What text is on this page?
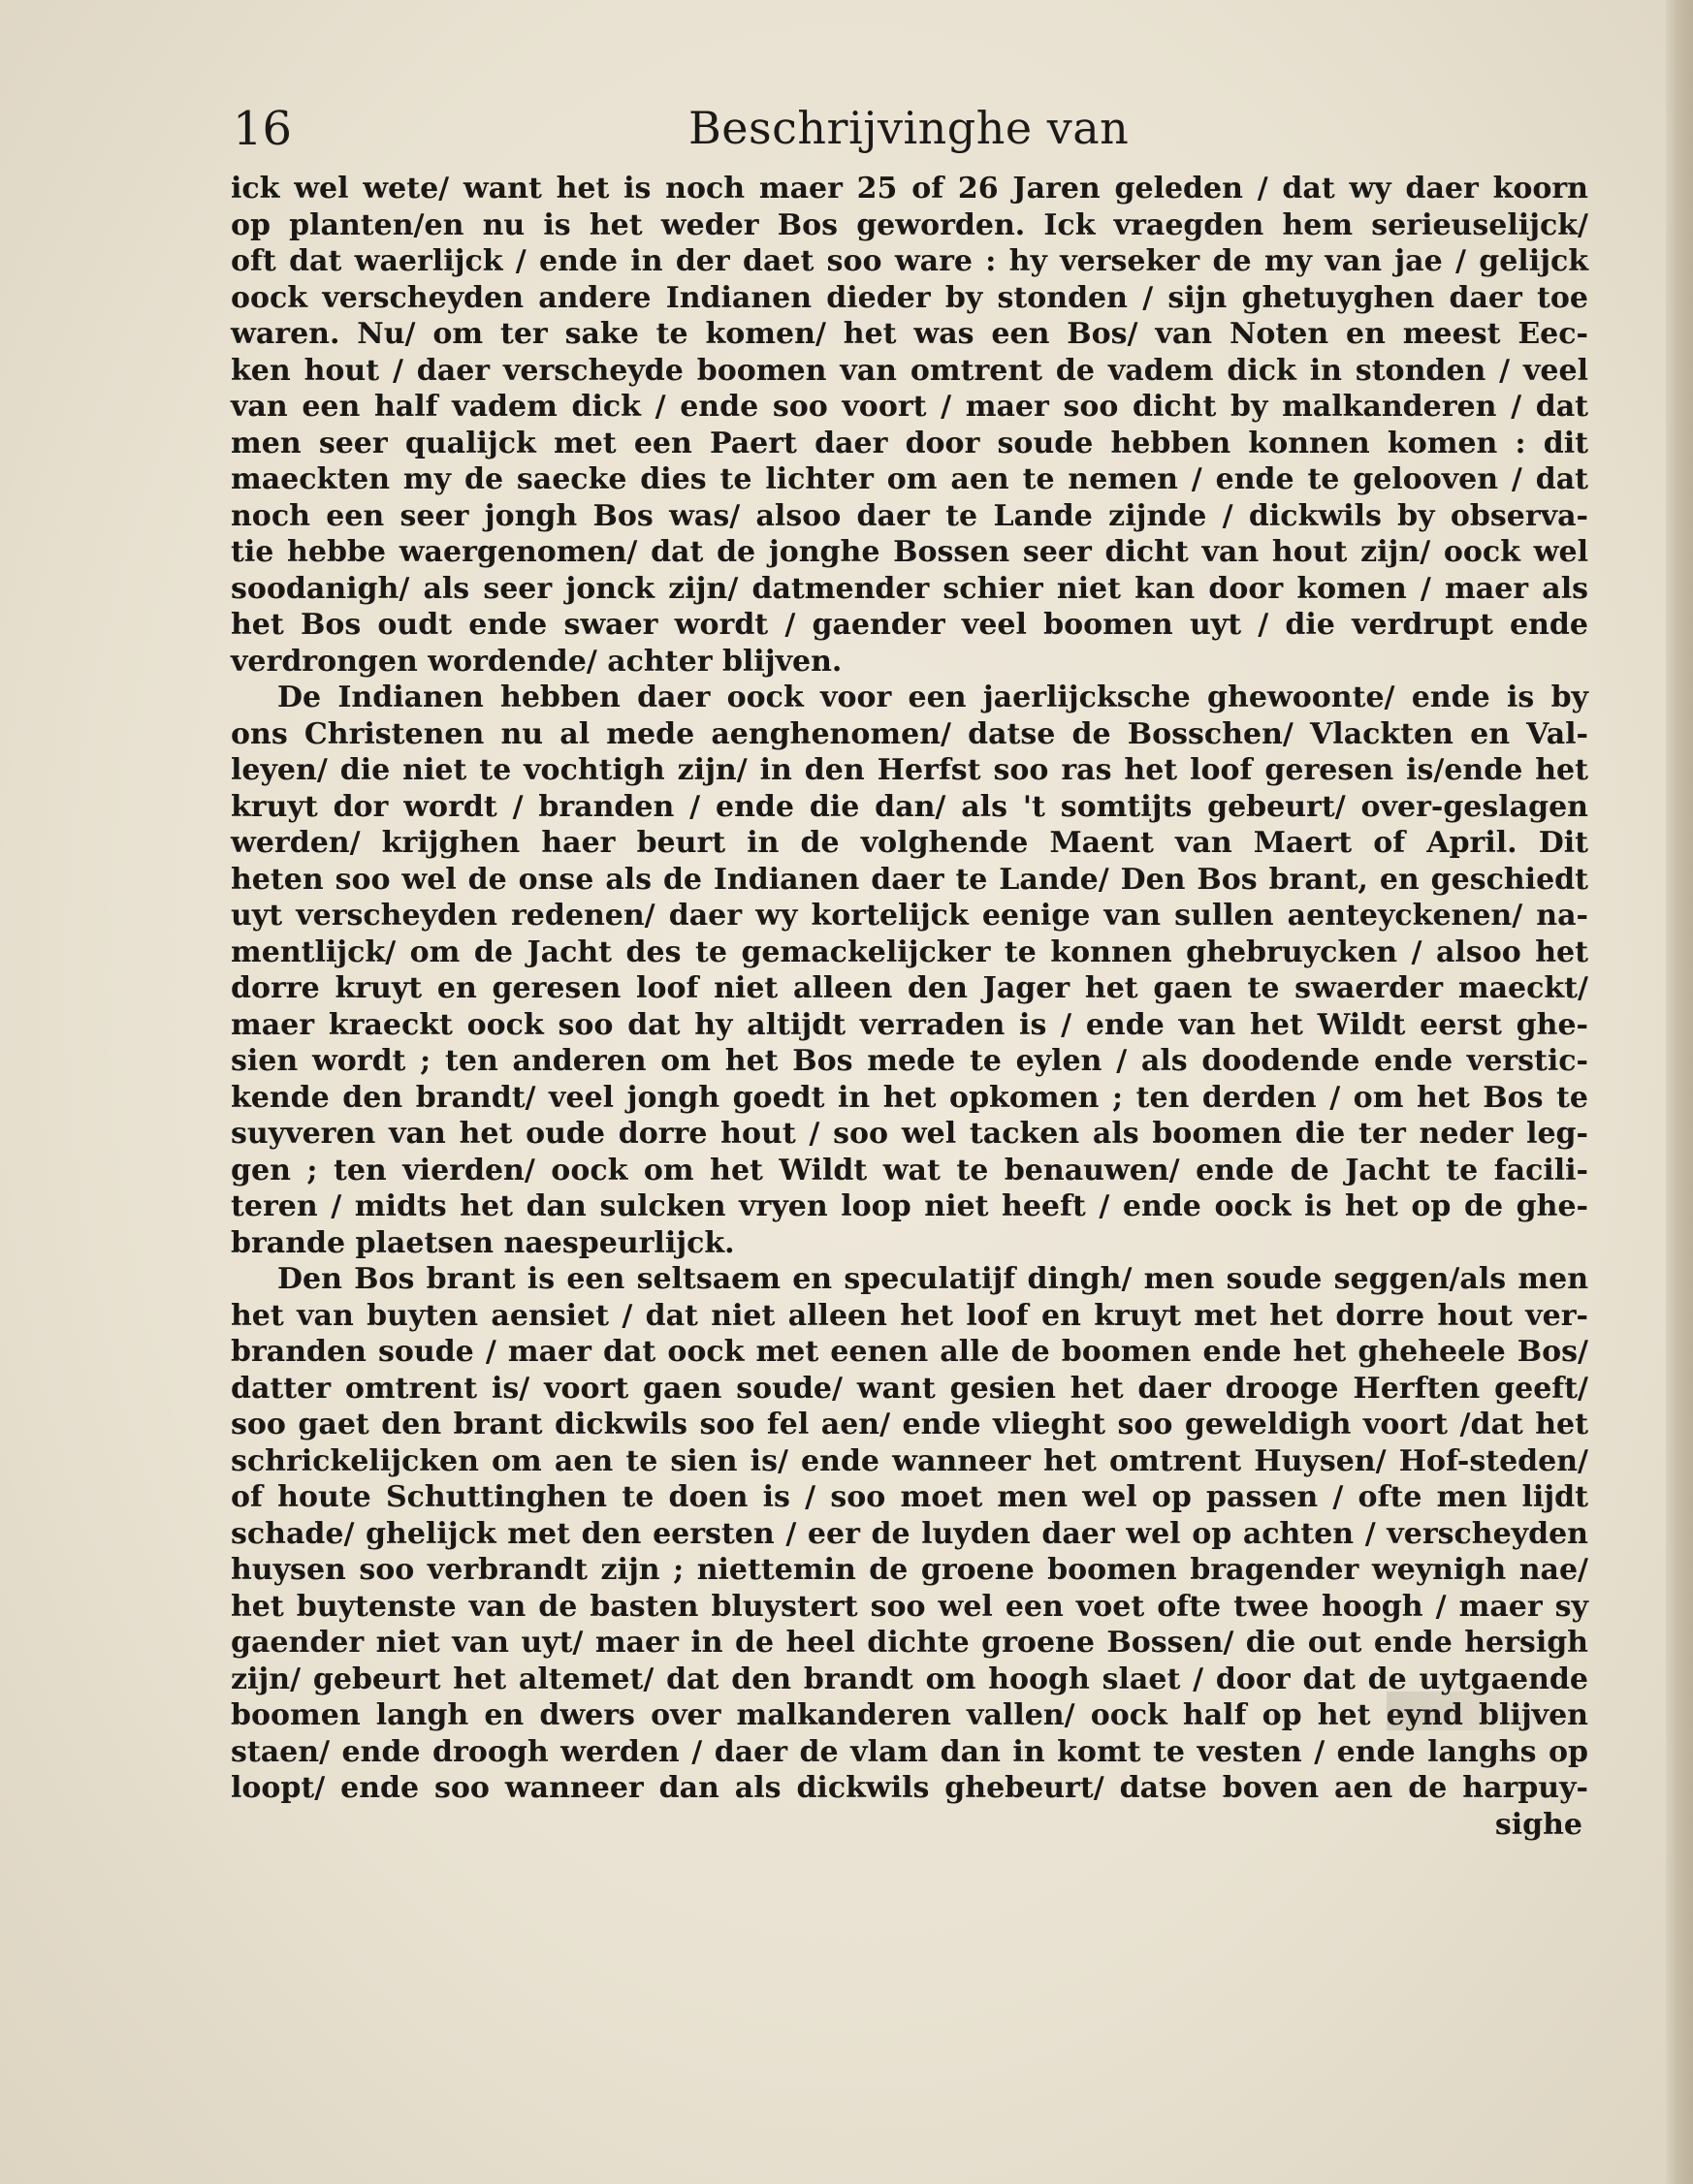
16	Beschrijvinghe van
ick wel wete/ want het is noch maer 25 of 26 Jaren geleden / dat wy daer koorn
op planten/en nu is het weder Bos geworden. Ick vraegden hem serieuselijck/
oft dat waerlijck / ende in der daet soo ware : hy verseker de my van jae / gelijck
oock verscheyden andere Indianen dieder by stonden / sijn ghetuyghen daer toe
waren. Nu/ om ter sake te komen/ het was een Bos/ van Noten en meest Eec-
ken hout / daer verscheyde boomen van omtrent de vadem dick in stonden / veel
van een half vadem dick / ende soo voort / maer soo dicht by malkanderen / dat
men seer qualijck met een Paert daer door soude hebben konnen komen : dit
maeckten my de saecke dies te lichter om aen te nemen / ende te gelooven / dat
noch een seer jongh Bos was/ alsoo daer te Lande zijnde / dickwils by observa-
tie hebbe waergenomen/ dat de jonghe Bossen seer dicht van hout zijn/ oock wel
soodanigh/ als seer jonck zijn/ datmender schier niet kan door komen / maer als
het Bos oudt ende swaer wordt / gaender veel boomen uyt / die verdrupt ende
verdrongen wordende/ achter blijven.
De Indianen hebben daer oock voor een jaerlijcksche ghewoonte/ ende is by
ons Christenen nu al mede aenghenomen/ datse de Bosschen/ Vlackten en Val-
leyen/ die niet te vochtigh zijn/ in den Herfst soo ras het loof geresen is/ende het
kruyt dor wordt / branden / ende die dan/ als 't somtijts gebeurt/ over-geslagen
werden/ krijghen haer beurt in de volghende Maent van Maert of April. Dit
heten soo wel de onse als de Indianen daer te Lande/ Den Bos brant, en geschiedt
uyt verscheyden redenen/ daer wy kortelijck eenige van sullen aenteyckenen/ na-
mentlijck/ om de Jacht des te gemackelijcker te konnen ghebruycken / alsoo het
dorre kruyt en geresen loof niet alleen den Jager het gaen te swaerder maeckt/
maer kraeckt oock soo dat hy altijdt verraden is / ende van het Wildt eerst ghe-
sien wordt ; ten anderen om het Bos mede te eylen / als doodende ende verstic-
kende den brandt/ veel jongh goedt in het opkomen ; ten derden / om het Bos te
suyveren van het oude dorre hout / soo wel tacken als boomen die ter neder leg-
gen ; ten vierden/ oock om het Wildt wat te benauwen/ ende de Jacht te facili-
teren / midts het dan sulcken vryen loop niet heeft / ende oock is het op de ghe-
brande plaetsen naespeurlijck.
Den Bos brant is een seltsaem en speculatijf dingh/ men soude seggen/als men
het van buyten aensiet / dat niet alleen het loof en kruyt met het dorre hout ver-
branden soude / maer dat oock met eenen alle de boomen ende het gheheele Bos/
datter omtrent is/ voort gaen soude/ want gesien het daer drooge Herften geeft/
soo gaet den brant dickwils soo fel aen/ ende vlieght soo geweldigh voort /dat het
schrickelijcken om aen te sien is/ ende wanneer het omtrent Huysen/ Hof-steden/
of houte Schuttinghen te doen is / soo moet men wel op passen / ofte men lijdt
schade/ ghelijck met den eersten / eer de luyden daer wel op achten / verscheyden
huysen soo verbrandt zijn ; niettemin de groene boomen bragender weynigh nae/
het buytenste van de basten bluystert soo wel een voet ofte twee hoogh / maer sy
gaender niet van uyt/ maer in de heel dichte groene Bossen/ die out ende hersigh
zijn/ gebeurt het altemet/ dat den brandt om hoogh slaet / door dat de uytgaende
boomen langh en dwers over malkanderen vallen/ oock half op het eynd blijven
staen/ ende droogh werden / daer de vlam dan in komt te vesten / ende langhs op
loopt/ ende soo wanneer dan als dickwils ghebeurt/ datse boven aen de harpuy-
sighe
